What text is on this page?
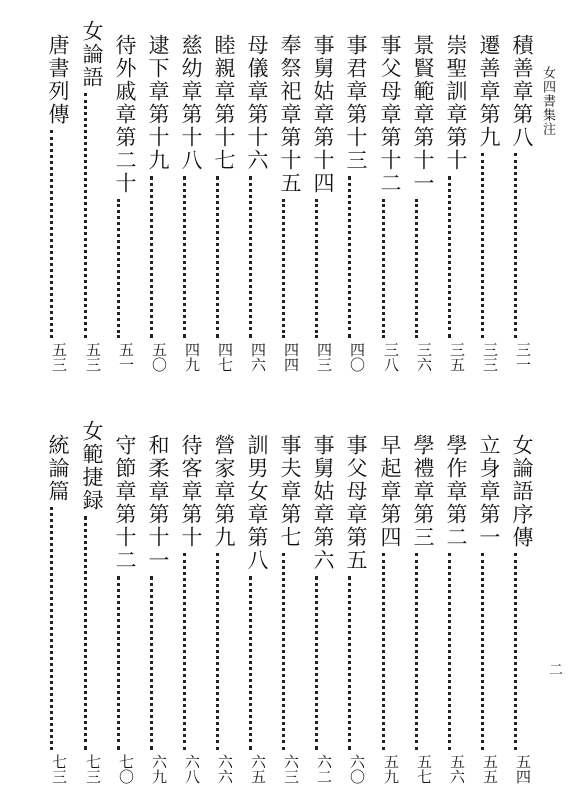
女四書集注
二
積善章第八
三一
遷善章第九
三三
崇聖訓章第十
三五
景賢範章第十一
三六
事父母章第十二
三八
事君章第十三
四〇
事舅姑章第十四
四三
奉祭祀章第十五
四四
母儀章第十六
四六
睦親章第十七
四七
慈幼章第十八
四九
逮下章第十九
五〇
待外戚章第二十
五一
女論語
五三
唐書列傳
五三
女論語序傳
五四
立身章第一
五五
學作章第二
五六
學禮章第三
五七
早起章第四
五九
事父母章第五
六〇
事舅姑章第六
六二
事夫章第七
六三
訓男女章第八
六五
營家章第九
六六
待客章第十
六八
和柔章第十一
六九
守節章第十二
七〇
女範捷録
七三
統論篇
七三
